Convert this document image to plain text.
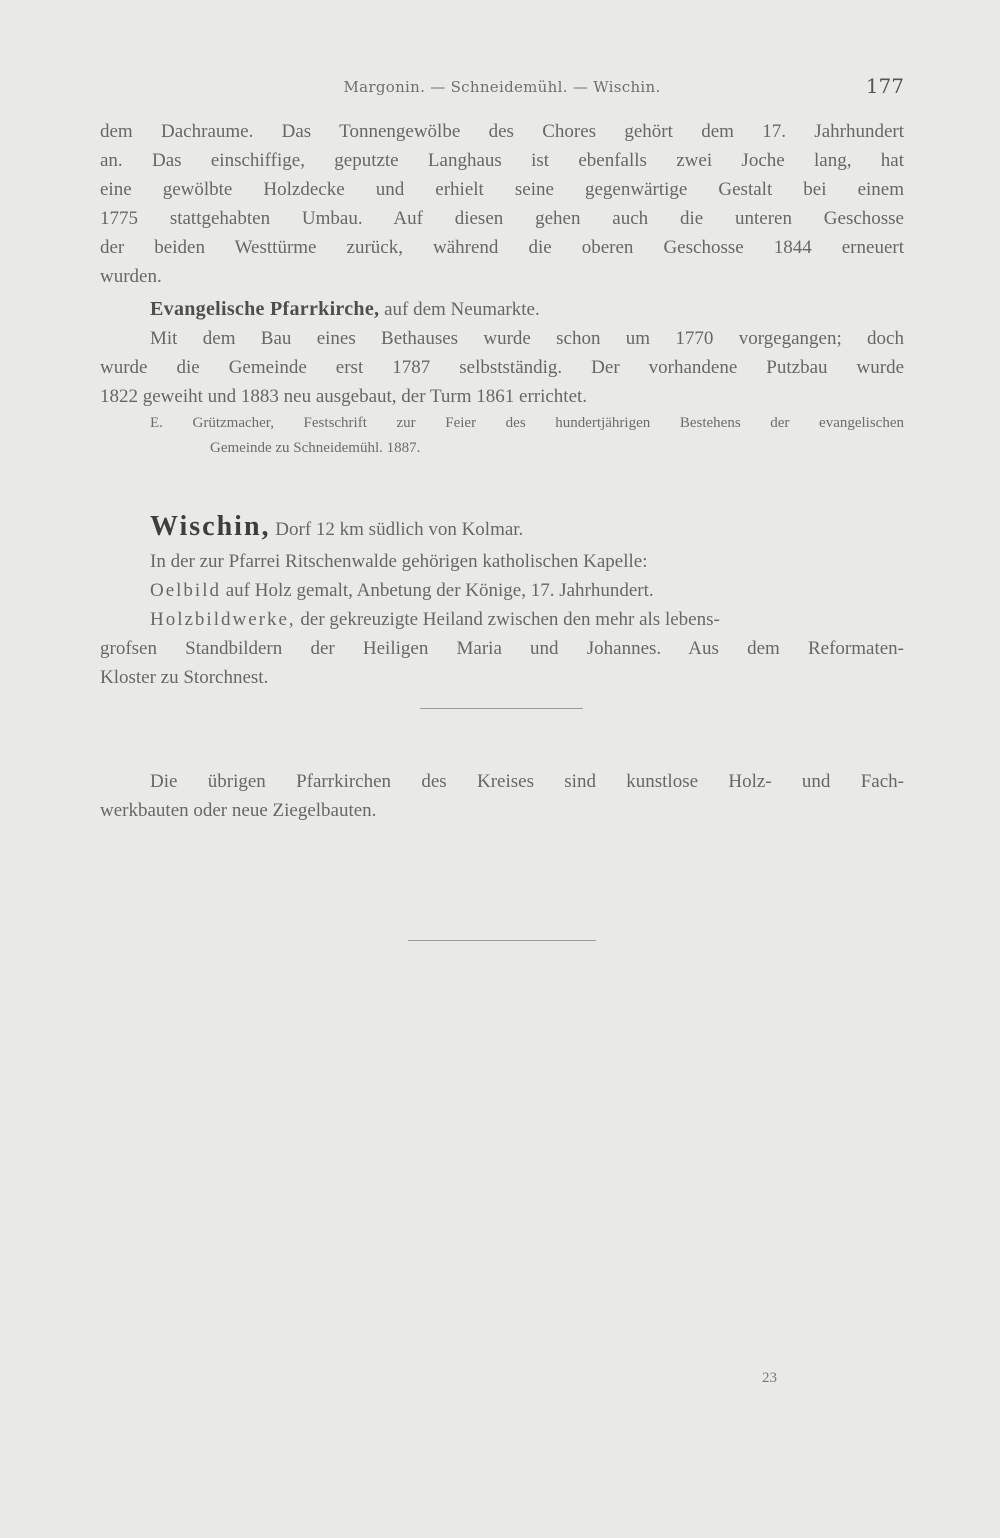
Margonin. — Schneidemühl. — Wischin.	177
dem Dachraume. Das Tonnengewölbe des Chores gehört dem 17. Jahrhundert
an. Das einschiffige, geputzte Langhaus ist ebenfalls zwei Joche lang, hat
eine gewölbte Holzdecke und erhielt seine gegenwärtige Gestalt bei einem
1775 stattgehabten Umbau. Auf diesen gehen auch die unteren Geschosse
der beiden Westtürme zurück, während die oberen Geschosse 1844 erneuert
wurden.
Evangelische Pfarrkirche, auf dem Neumarkte.
Mit dem Bau eines Bethauses wurde schon um 1770 vorgegangen; doch
wurde die Gemeinde erst 1787 selbstständig. Der vorhandene Putzbau wurde
1822 geweiht und 1883 neu ausgebaut, der Turm 1861 errichtet.
E. Grützmacher, Festschrift zur Feier des hundertjährigen Bestehens der evangelischen
Gemeinde zu Schneidemühl. 1887.
Wischin, Dorf 12 km südlich von Kolmar.
In der zur Pfarrei Ritschenwalde gehörigen katholischen Kapelle:
Oelbild auf Holz gemalt, Anbetung der Könige, 17. Jahrhundert.
Holzbildwerke, der gekreuzigte Heiland zwischen den mehr als lebens-
grofsen Standbildern der Heiligen Maria und Johannes. Aus dem Reformaten-
Kloster zu Storchnest.
Die übrigen Pfarrkirchen des Kreises sind kunstlose Holz- und Fach-
werkbauten oder neue Ziegelbauten.
23
